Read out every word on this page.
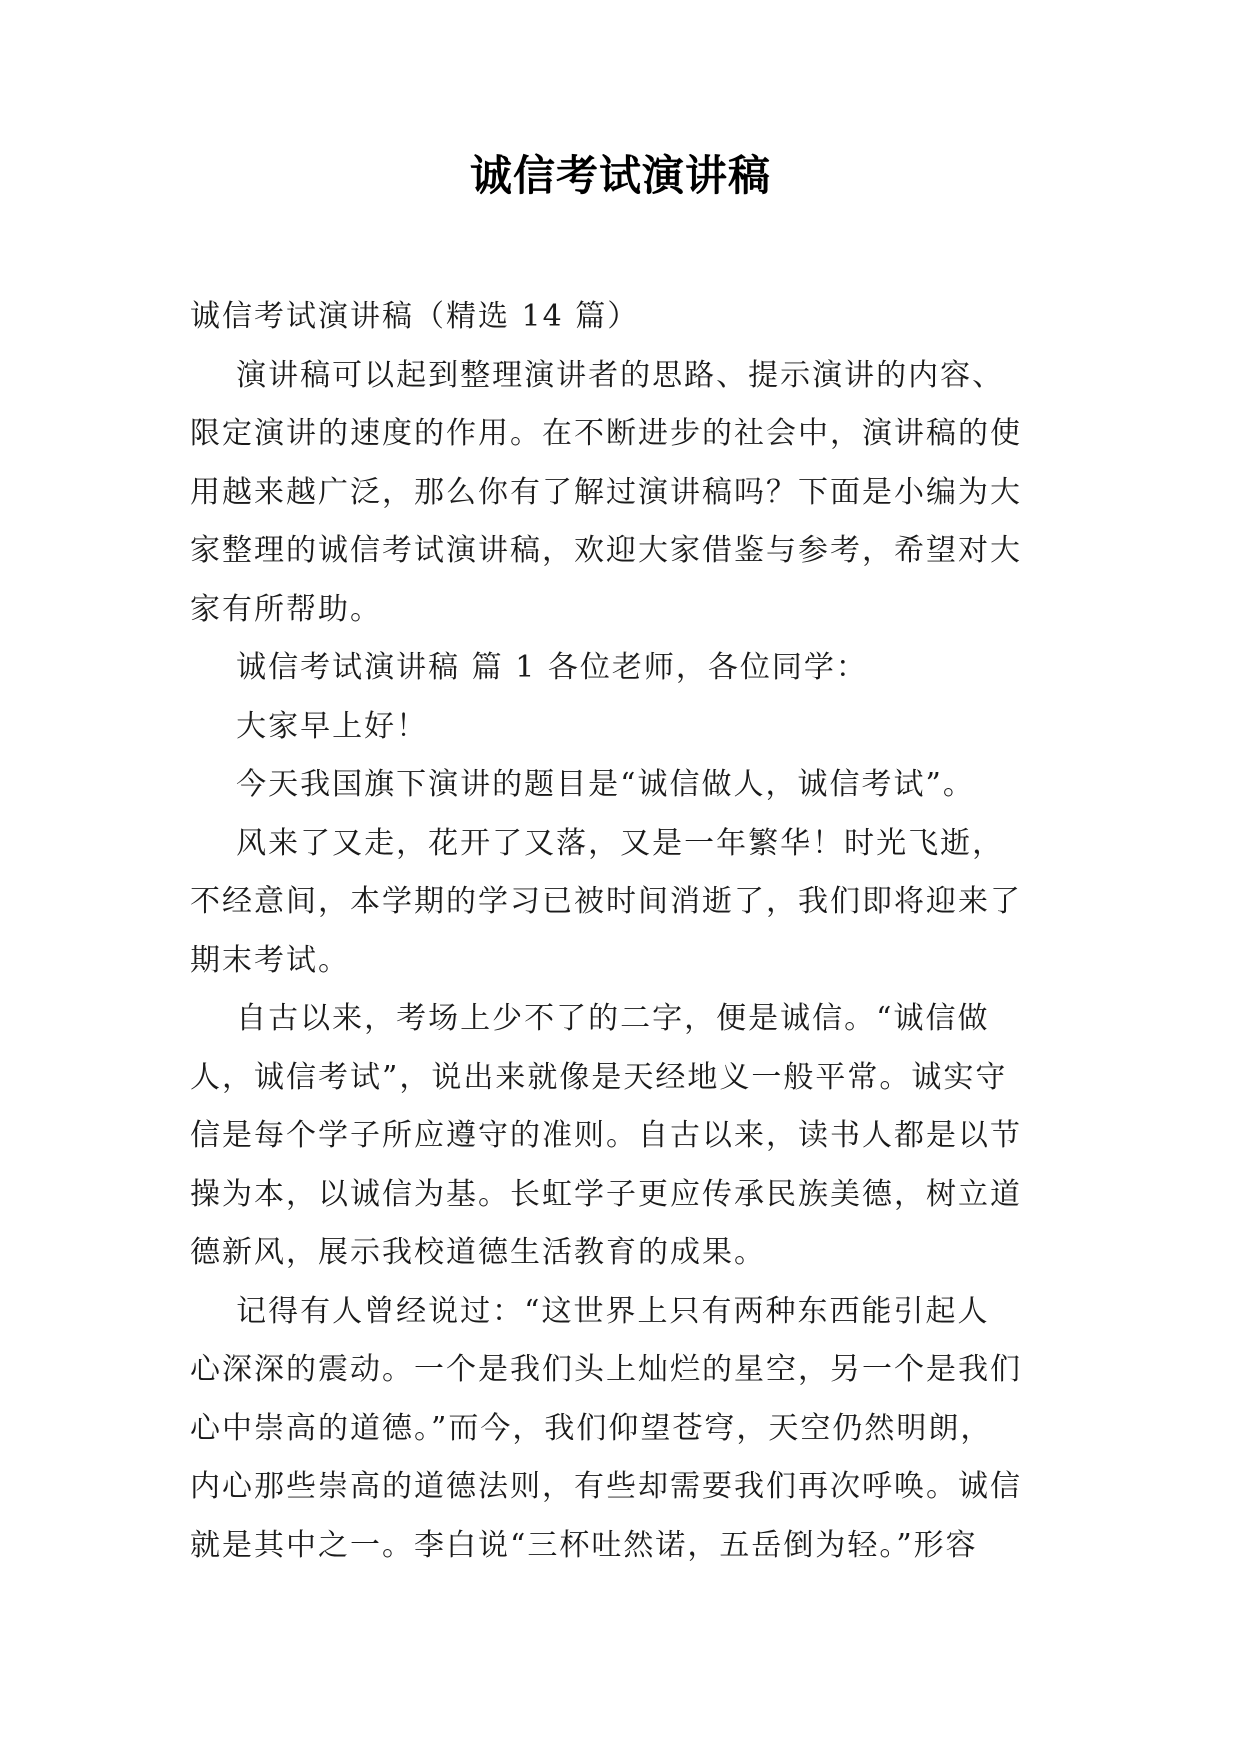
诚信考试演讲稿

诚信考试演讲稿（精选 14 篇）

演讲稿可以起到整理演讲者的思路、提示演讲的内容、

限定演讲的速度的作用。在不断进步的社会中，演讲稿的使

用越来越广泛，那么你有了解过演讲稿吗？下面是小编为大

家整理的诚信考试演讲稿，欢迎大家借鉴与参考，希望对大

家有所帮助。

诚信考试演讲稿 篇 1 各位老师，各位同学：

大家早上好！

今天我国旗下演讲的题目是“诚信做人，诚信考试”。

风来了又走，花开了又落，又是一年繁华！时光飞逝，

不经意间，本学期的学习已被时间消逝了，我们即将迎来了

期末考试。

自古以来，考场上少不了的二字，便是诚信。“诚信做

人，诚信考试”，说出来就像是天经地义一般平常。诚实守

信是每个学子所应遵守的准则。自古以来，读书人都是以节

操为本，以诚信为基。长虹学子更应传承民族美德，树立道

德新风，展示我校道德生活教育的成果。

记得有人曾经说过：“这世界上只有两种东西能引起人

心深深的震动。一个是我们头上灿烂的星空，另一个是我们

心中崇高的道德。”而今，我们仰望苍穹，天空仍然明朗，

内心那些崇高的道德法则，有些却需要我们再次呼唤。诚信

就是其中之一。李白说“三杯吐然诺，五岳倒为轻。”形容
